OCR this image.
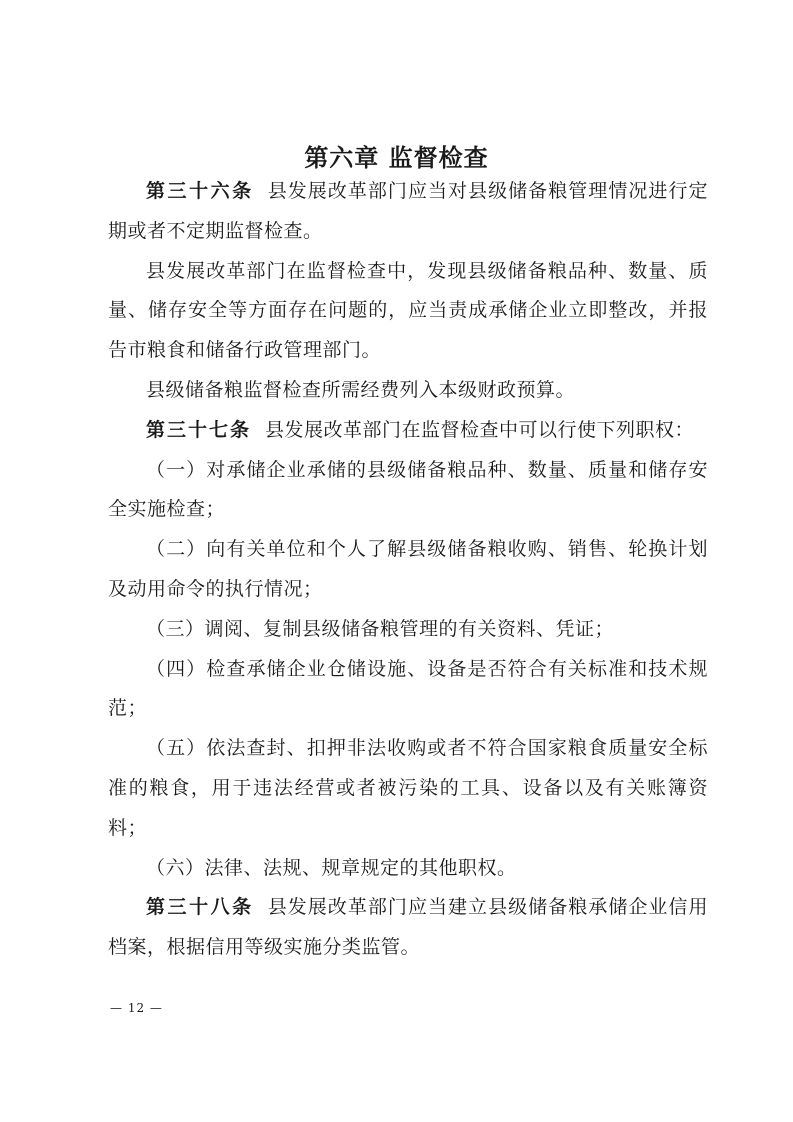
第六章 监督检查

第三十六条 县发展改革部门应当对县级储备粮管理情况进行定期或者不定期监督检查。

县发展改革部门在监督检查中，发现县级储备粮品种、数量、质量、储存安全等方面存在问题的，应当责成承储企业立即整改，并报告市粮食和储备行政管理部门。

县级储备粮监督检查所需经费列入本级财政预算。

第三十七条 县发展改革部门在监督检查中可以行使下列职权：

（一）对承储企业承储的县级储备粮品种、数量、质量和储存安全实施检查；

（二）向有关单位和个人了解县级储备粮收购、销售、轮换计划及动用命令的执行情况；

（三）调阅、复制县级储备粮管理的有关资料、凭证；

（四）检查承储企业仓储设施、设备是否符合有关标准和技术规范；

（五）依法查封、扣押非法收购或者不符合国家粮食质量安全标准的粮食，用于违法经营或者被污染的工具、设备以及有关账簿资料；

（六）法律、法规、规章规定的其他职权。

第三十八条 县发展改革部门应当建立县级储备粮承储企业信用档案，根据信用等级实施分类监管。

— 12 —
